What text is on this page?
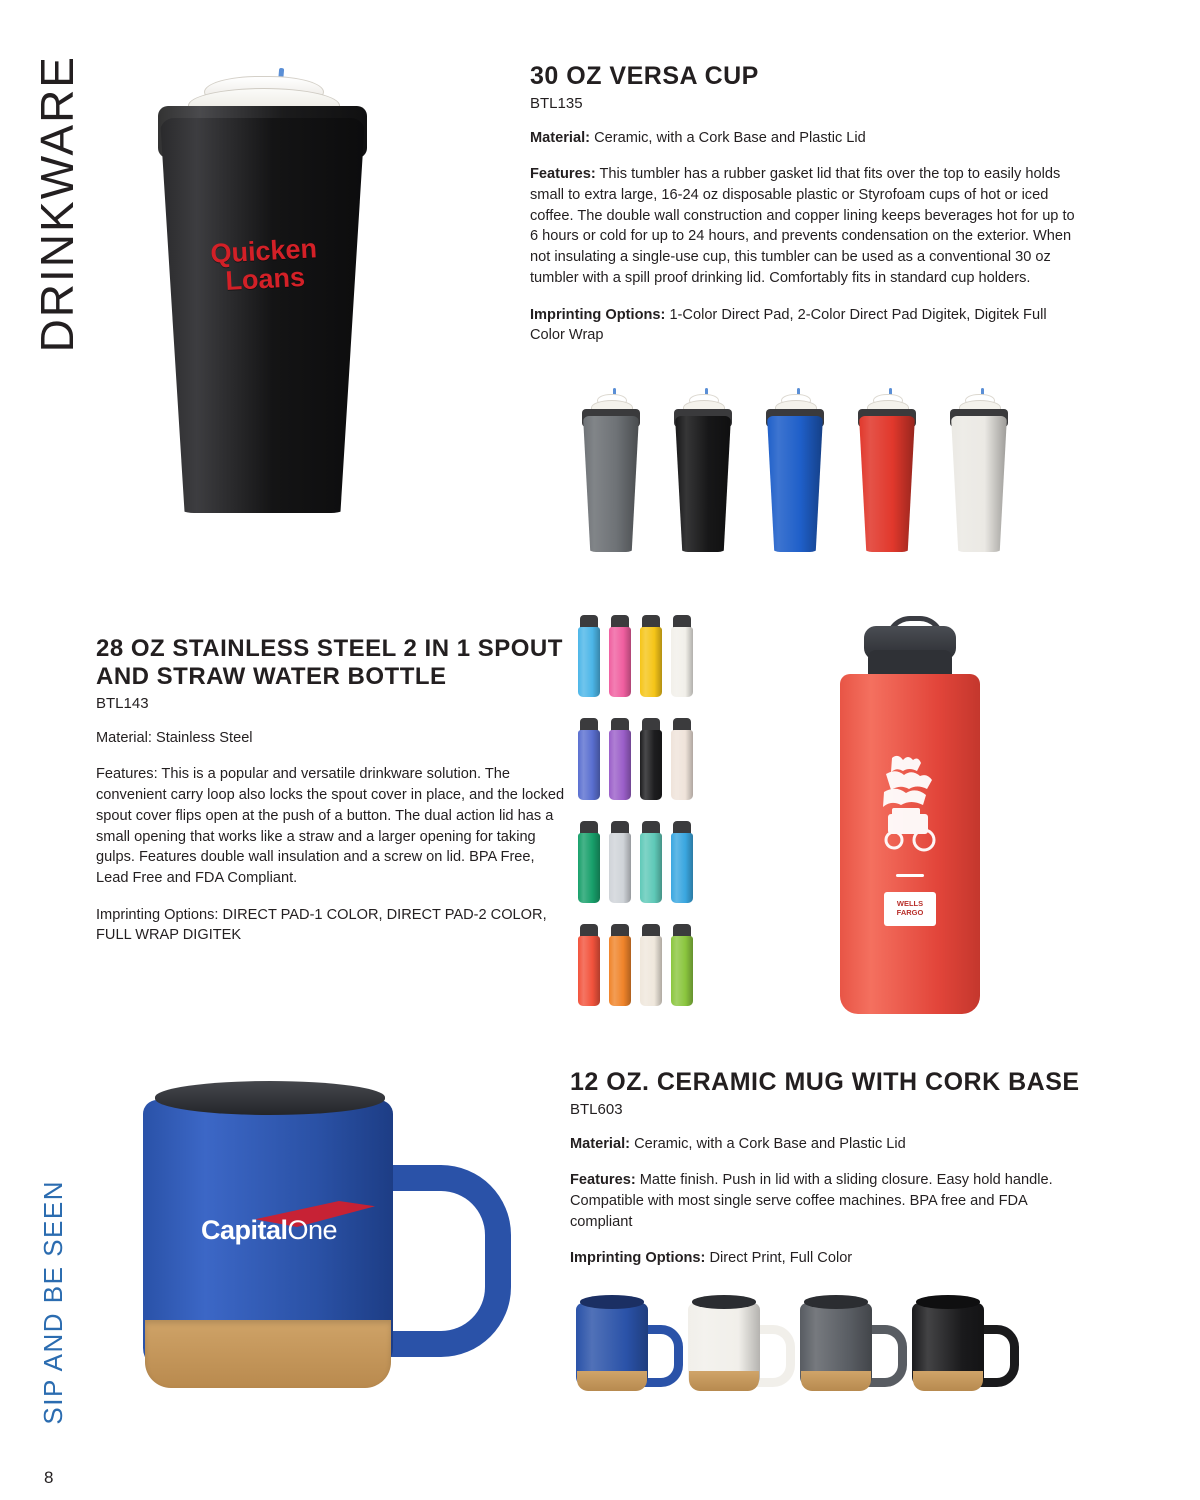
DRINKWARE
SIP AND BE SEEN
8
Quicken
Loans
30 OZ VERSA CUP
BTL135

Material: Ceramic, with a Cork Base and Plastic Lid

Features: This tumbler has a rubber gasket lid that fits over the top to easily holds small to extra large, 16-24 oz disposable plastic or Styrofoam cups of hot or iced coffee. The double wall construction and copper lining keeps beverages hot for up to 6 hours or cold for up to 24 hours, and prevents condensation on the exterior. When not insulating a single-use cup, this tumbler can be used as a conventional 30 oz tumbler with a spill proof drinking lid. Comfortably fits in standard cup holders.

Imprinting Options: 1-Color Direct Pad, 2-Color Direct Pad Digitek, Digitek Full Color Wrap

28 OZ STAINLESS STEEL 2 IN 1 SPOUT
AND STRAW WATER BOTTLE
BTL143

Material: Stainless Steel

Features: This is a popular and versatile drinkware solution. The convenient carry loop also locks the spout cover in place, and the locked spout cover flips open at the push of a button. The dual action lid has a small opening that works like a straw and a larger opening for taking gulps. Features double wall insulation and a screw on lid. BPA Free, Lead Free and FDA Compliant.

Imprinting Options: DIRECT PAD-1 COLOR, DIRECT PAD-2 COLOR, FULL WRAP DIGITEK

WELLS
FARGO
CapitalOne
12 OZ. CERAMIC MUG WITH CORK BASE
BTL603

Material: Ceramic, with a Cork Base and Plastic Lid

Features: Matte finish. Push in lid with a sliding closure. Easy hold handle. Compatible with most single serve coffee machines. BPA free and FDA compliant

Imprinting Options: Direct Print, Full Color
